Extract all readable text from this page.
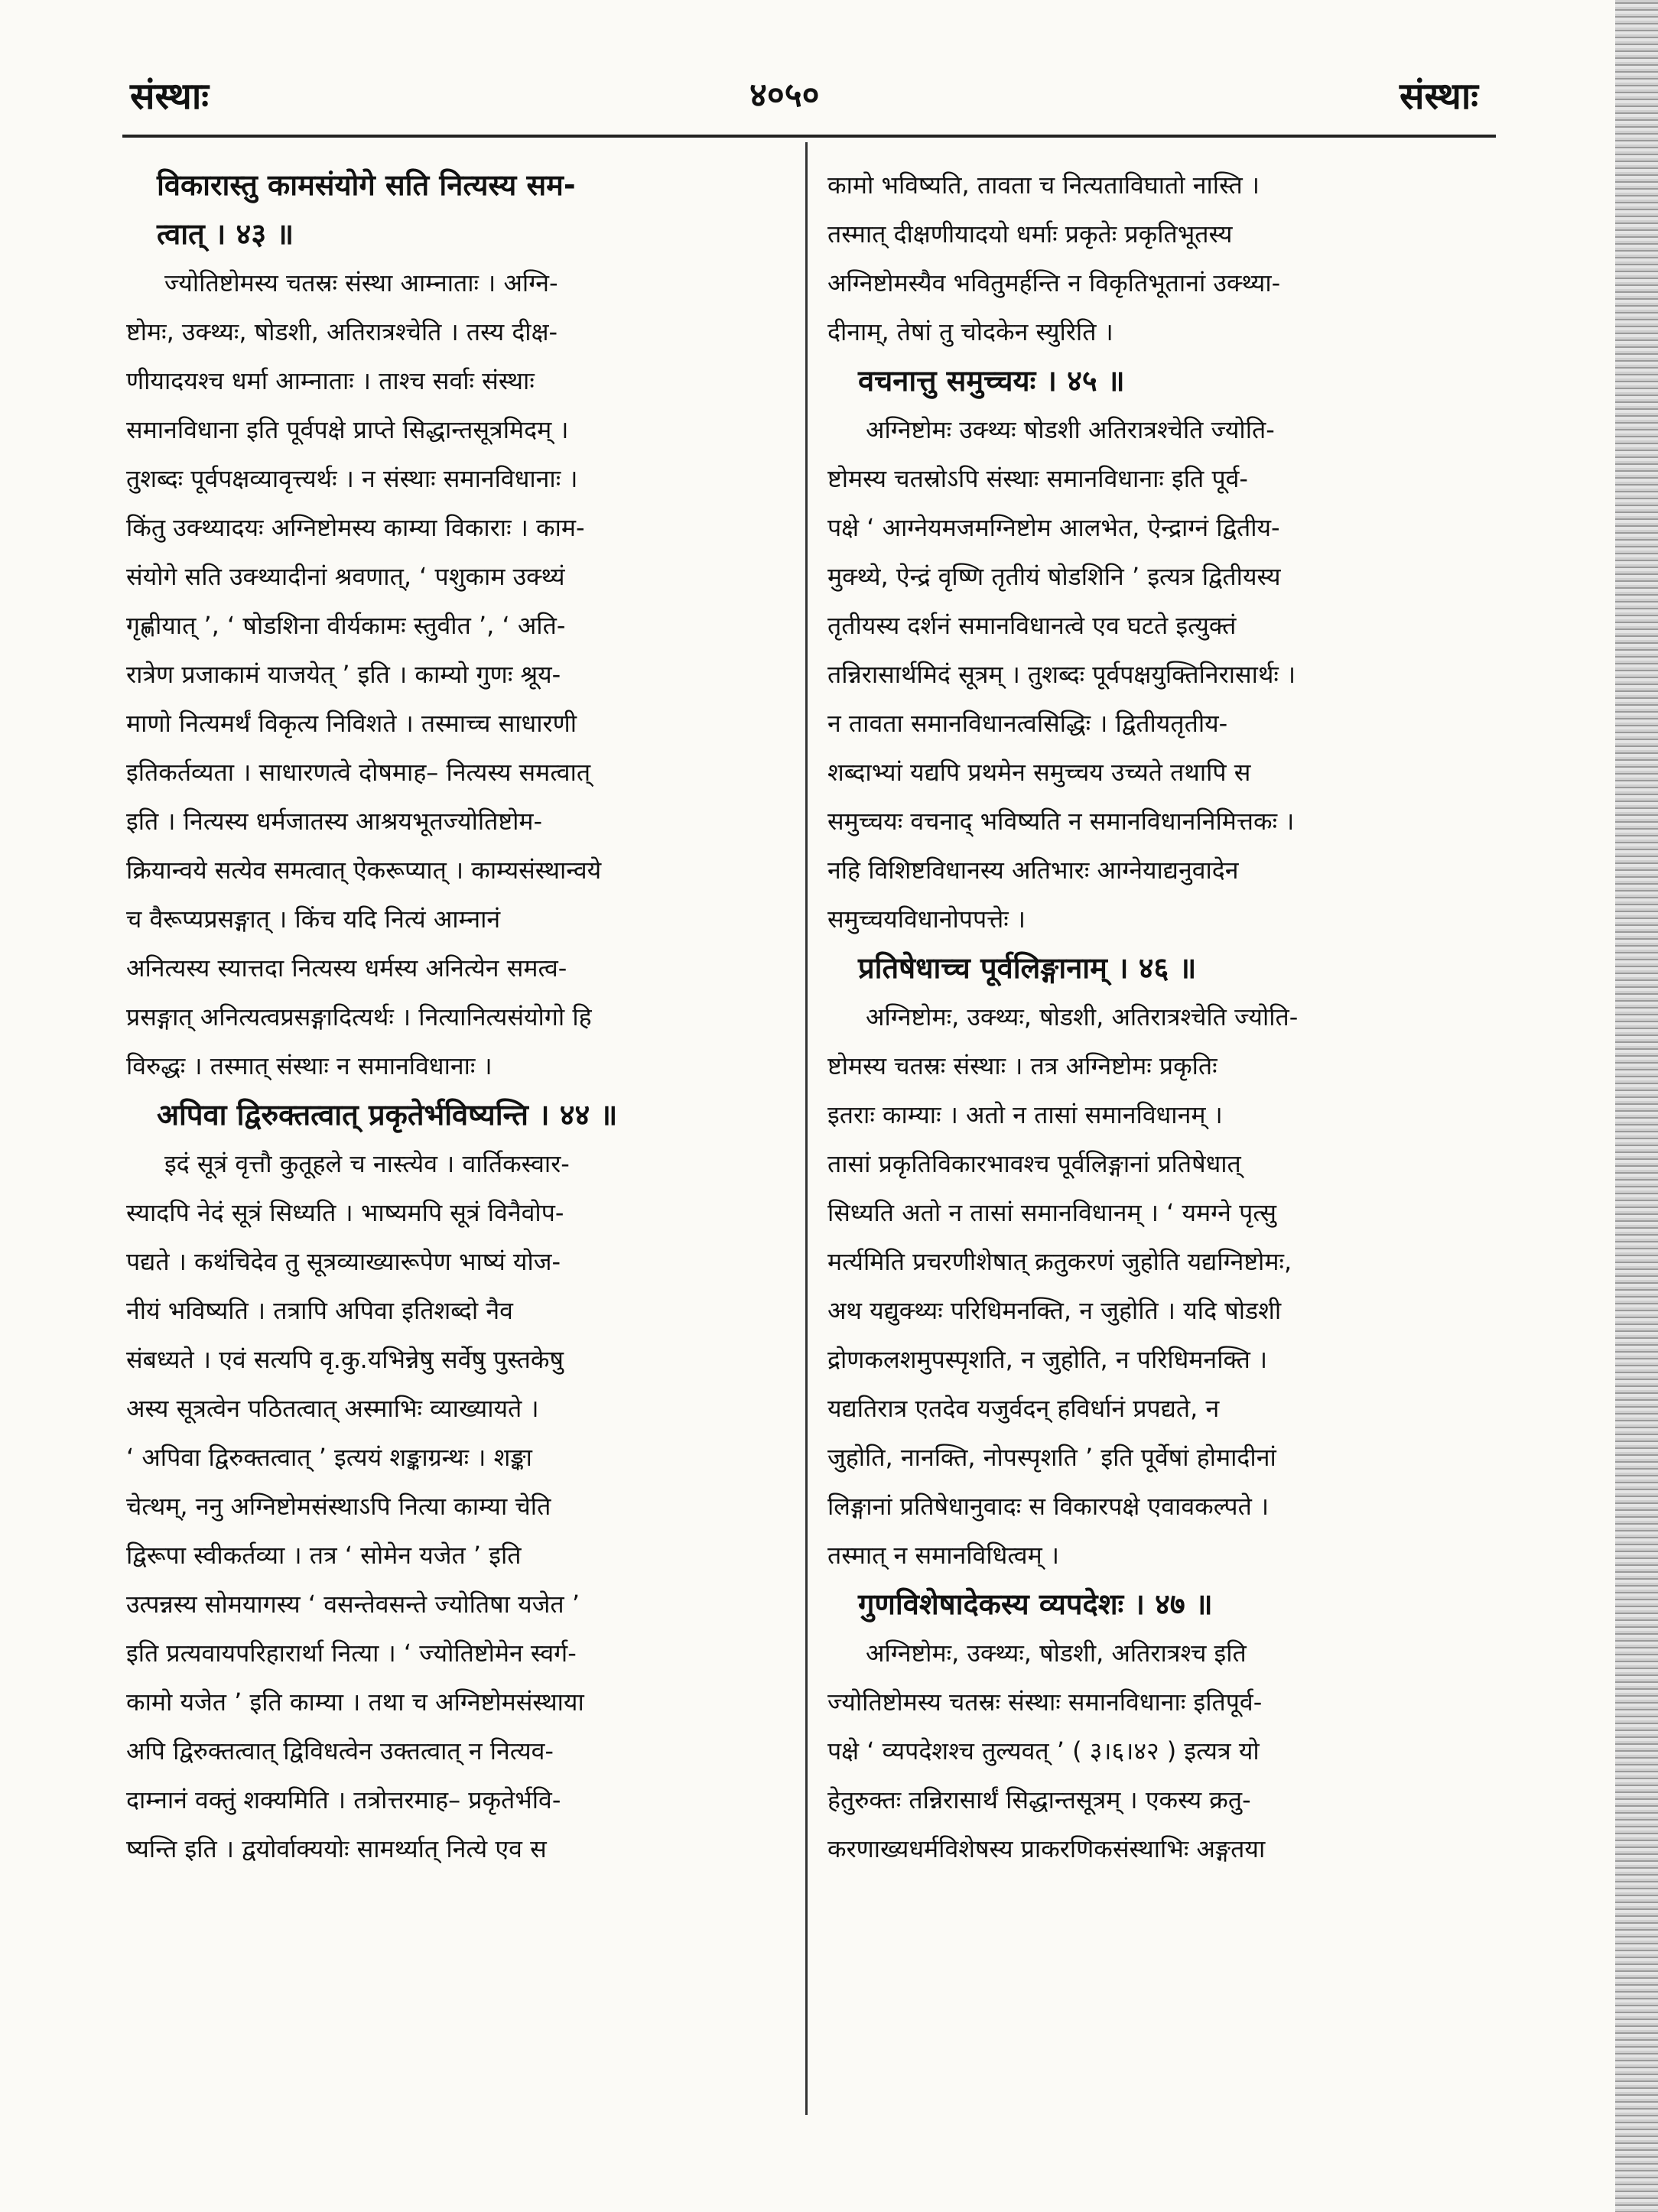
संस्थाः	४०५०	संस्थाः
विकारास्तु कामसंयोगे सति नित्यस्य सम-
त्वात् । ४३ ॥
ज्योतिष्टोमस्य चतस्रः संस्था आम्नाताः । अग्नि-
ष्टोमः, उक्थ्यः, षोडशी, अतिरात्रश्चेति । तस्य दीक्ष-
णीयादयश्च धर्मा आम्नाताः । ताश्च सर्वाः संस्थाः
समानविधाना इति पूर्वपक्षे प्राप्ते सिद्धान्तसूत्रमिदम् ।
तुशब्दः पूर्वपक्षव्यावृत्त्यर्थः । न संस्थाः समानविधानाः ।
किंतु उक्थ्यादयः अग्निष्टोमस्य काम्या विकाराः । काम-
संयोगे सति उक्थ्यादीनां श्रवणात्, ‘ पशुकाम उक्थ्यं
गृह्णीयात् ’, ‘ षोडशिना वीर्यकामः स्तुवीत ’, ‘ अति-
रात्रेण प्रजाकामं याजयेत् ’ इति । काम्यो गुणः श्रूय-
माणो नित्यमर्थं विकृत्य निविशते । तस्माच्च साधारणी
इतिकर्तव्यता । साधारणत्वे दोषमाह– नित्यस्य समत्वात्
इति । नित्यस्य धर्मजातस्य आश्रयभूतज्योतिष्टोम-
क्रियान्वये सत्येव समत्वात् ऐकरूप्यात् । काम्यसंस्थान्वये
च वैरूप्यप्रसङ्गात् । किंच यदि नित्यं आम्नानं
अनित्यस्य स्यात्तदा नित्यस्य धर्मस्य अनित्येन समत्व-
प्रसङ्गात् अनित्यत्वप्रसङ्गादित्यर्थः । नित्यानित्यसंयोगो हि
विरुद्धः । तस्मात् संस्थाः न समानविधानाः ।
अपिवा द्विरुक्तत्वात् प्रकृतेर्भविष्यन्ति । ४४ ॥
इदं सूत्रं वृत्तौ कुतूहले च नास्त्येव । वार्तिकस्वार-
स्यादपि नेदं सूत्रं सिध्यति । भाष्यमपि सूत्रं विनैवोप-
पद्यते । कथंचिदेव तु सूत्रव्याख्यारूपेण भाष्यं योज-
नीयं भविष्यति । तत्रापि अपिवा इतिशब्दो नैव
संबध्यते । एवं सत्यपि वृ.कु.यभिन्नेषु सर्वेषु पुस्तकेषु
अस्य सूत्रत्वेन पठितत्वात् अस्माभिः व्याख्यायते ।
‘ अपिवा द्विरुक्तत्वात् ’ इत्ययं शङ्काग्रन्थः । शङ्का
चेत्थम्, ननु अग्निष्टोमसंस्थाऽपि नित्या काम्या चेति
द्विरूपा स्वीकर्तव्या । तत्र ‘ सोमेन यजेत ’ इति
उत्पन्नस्य सोमयागस्य ‘ वसन्तेवसन्ते ज्योतिषा यजेत ’
इति प्रत्यवायपरिहारार्था नित्या । ‘ ज्योतिष्टोमेन स्वर्ग-
कामो यजेत ’ इति काम्या । तथा च अग्निष्टोमसंस्थाया
अपि द्विरुक्तत्वात् द्विविधत्वेन उक्तत्वात् न नित्यव-
दाम्नानं वक्तुं शक्यमिति । तत्रोत्तरमाह– प्रकृतेर्भवि-
ष्यन्ति इति । द्वयोर्वाक्ययोः सामर्थ्यात् नित्ये एव स
कामो भविष्यति, तावता च नित्यताविघातो नास्ति ।
तस्मात् दीक्षणीयादयो धर्माः प्रकृतेः प्रकृतिभूतस्य
अग्निष्टोमस्यैव भवितुमर्हन्ति न विकृतिभूतानां उक्थ्या-
दीनाम्, तेषां तु चोदकेन स्युरिति ।
वचनात्तु समुच्चयः । ४५ ॥
अग्निष्टोमः उक्थ्यः षोडशी अतिरात्रश्चेति ज्योति-
ष्टोमस्य चतस्रोऽपि संस्थाः समानविधानाः इति पूर्व-
पक्षे ‘ आग्नेयमजमग्निष्टोम आलभेत, ऐन्द्राग्नं द्वितीय-
मुक्थ्ये, ऐन्द्रं वृष्णि तृतीयं षोडशिनि ’ इत्यत्र द्वितीयस्य
तृतीयस्य दर्शनं समानविधानत्वे एव घटते इत्युक्तं
तन्निरासार्थमिदं सूत्रम् । तुशब्दः पूर्वपक्षयुक्तिनिरासार्थः ।
न तावता समानविधानत्वसिद्धिः । द्वितीयतृतीय-
शब्दाभ्यां यद्यपि प्रथमेन समुच्चय उच्यते तथापि स
समुच्चयः वचनाद् भविष्यति न समानविधाननिमित्तकः ।
नहि विशिष्टविधानस्य अतिभारः आग्नेयाद्यनुवादेन
समुच्चयविधानोपपत्तेः ।
प्रतिषेधाच्च पूर्वलिङ्गानाम् । ४६ ॥
अग्निष्टोमः, उक्थ्यः, षोडशी, अतिरात्रश्चेति ज्योति-
ष्टोमस्य चतस्रः संस्थाः । तत्र अग्निष्टोमः प्रकृतिः
इतराः काम्याः । अतो न तासां समानविधानम् ।
तासां प्रकृतिविकारभावश्च पूर्वलिङ्गानां प्रतिषेधात्
सिध्यति अतो न तासां समानविधानम् । ‘ यमग्ने पृत्सु
मर्त्यमिति प्रचरणीशेषात् क्रतुकरणं जुहोति यद्यग्निष्टोमः,
अथ यद्युक्थ्यः परिधिमनक्ति, न जुहोति । यदि षोडशी
द्रोणकलशमुपस्पृशति, न जुहोति, न परिधिमनक्ति ।
यद्यतिरात्र एतदेव यजुर्वदन् हविर्धानं प्रपद्यते, न
जुहोति, नानक्ति, नोपस्पृशति ’ इति पूर्वेषां होमादीनां
लिङ्गानां प्रतिषेधानुवादः स विकारपक्षे एवावकल्पते ।
तस्मात् न समानविधित्वम् ।
गुणविशेषादेकस्य व्यपदेशः । ४७ ॥
अग्निष्टोमः, उक्थ्यः, षोडशी, अतिरात्रश्च इति
ज्योतिष्टोमस्य चतस्रः संस्थाः समानविधानाः इतिपूर्व-
पक्षे ‘ व्यपदेशश्च तुल्यवत् ’ ( ३।६।४२ ) इत्यत्र यो
हेतुरुक्तः तन्निरासार्थं सिद्धान्तसूत्रम् । एकस्य क्रतु-
करणाख्यधर्मविशेषस्य प्राकरणिकसंस्थाभिः अङ्गतया
